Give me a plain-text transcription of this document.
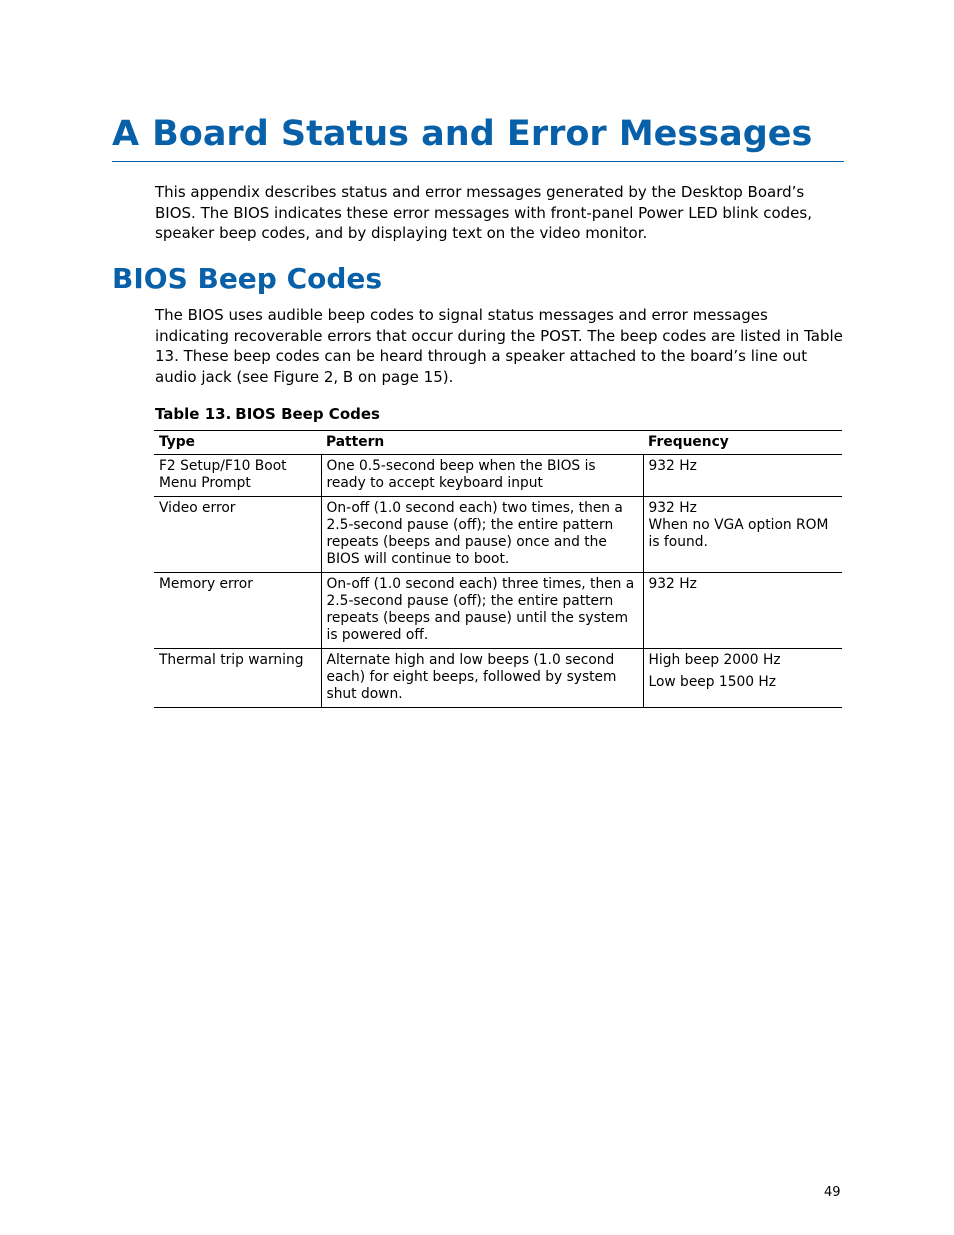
A Board Status and Error Messages

This appendix describes status and error messages generated by the Desktop Board’s BIOS. The BIOS indicates these error messages with front-panel Power LED blink codes, speaker beep codes, and by displaying text on the video monitor.

BIOS Beep Codes

The BIOS uses audible beep codes to signal status messages and error messages indicating recoverable errors that occur during the POST. The beep codes are listed in Table 13. These beep codes can be heard through a speaker attached to the board’s line out audio jack (see Figure 2, B on page 15).

Table 13. BIOS Beep Codes

Type	Pattern	Frequency
F2 Setup/F10 Boot Menu Prompt	One 0.5-second beep when the BIOS is ready to accept keyboard input	932 Hz

Video error	On-off (1.0 second each) two times, then a 2.5-second pause (off); the entire pattern repeats (beeps and pause) once and the BIOS will continue to boot.	932 Hz
When no VGA option ROM is found.

Memory error	On-off (1.0 second each) three times, then a 2.5-second pause (off); the entire pattern repeats (beeps and pause) until the system is powered off.	932 Hz

Thermal trip warning	Alternate high and low beeps (1.0 second each) for eight beeps, followed by system shut down.	High beep 2000 Hz
Low beep 1500 Hz
49
